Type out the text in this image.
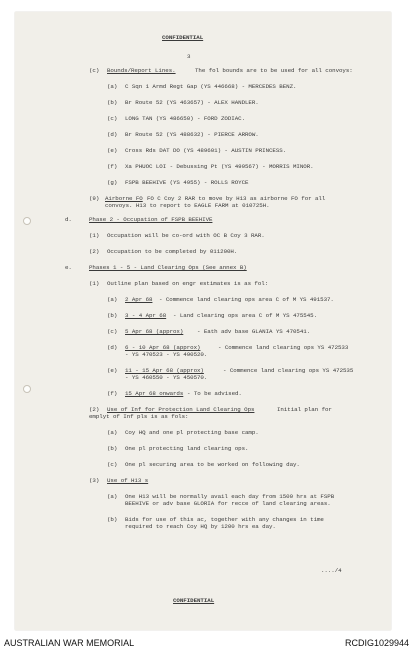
CONFIDENTIAL
3
(c) Bounds/Report Lines.	The fol bounds are to be used for all convoys:
(a) C Sqn 1 Armd Regt Gap (YS 446668) - MERCEDES BENZ.
(b) Br Route 52 (YS 463657) - ALEX HANDLER.
(c) LONG TAN (YS 486650) - FORD ZODIAC.
(d) Br Route 52 (YS 488632) - PIERCE ARROW.
(e) Cross Rds DAT DO (YS 489601) - AUSTIN PRINCESS.
(f) Xa PHUOC LOI - Debussing Pt (YS 499567) - MORRIS MINOR.
(g) FSPB BEEHIVE (YS 4955) - ROLLS ROYCE
(9) Airborne FO FO C Coy 2 RAR to move by H13 as airborne FO for all
convoys. H13 to report to EAGLE FARM at 010725H.
d.	Phase 2 - Occupation of FSPB BEEHIVE
(1) Occupation will be co-ord with OC B Coy 3 RAR.
(2) Occupation to be completed by 011200H.
e.	Phases 1 - 5 - Land Clearing Ops (See annex B)
(1) Outline plan based on engr estimates is as fol:
(a) 2 Apr 68 - Commence land clearing ops area C of M YS 491537.
(b) 3 - 4 Apr 68 - Land clearing ops area C of M YS 475545.
(c) 5 Apr 68 (approx) - Eath adv base GLANIA YS 470541.
(d) 6 - 10 Apr 68 (approx)	- Commence land clearing ops YS 472533
- YS 470523 - YS 490520.
(e) 11 - 15 Apr 68 (approx)	- Commence land clearing ops YS 472535
- YS 460550 - YS 450570.
(f) 15 Apr 68 onwards - To be advised.
(2) Use of Inf for Protection Land Clearing Ops	Initial plan for
emplyt of Inf pls is as fols:
(a) Coy HQ and one pl protecting base camp.
(b) One pl protecting land clearing ops.
(c) One pl securing area to be worked on following day.
(3) Use of H13 s
(a) One H13 will be normally avail each day from 1500 hrs at FSPB
BEEHIVE or adv base GLORIA for recce of land clearing areas.
(b) Bids for use of this ac, together with any changes in time
required to reach Coy HQ by 1200 hrs ea day.
..../4
CONFIDENTIAL
AUSTRALIAN WAR MEMORIAL	RCDIG1029944
